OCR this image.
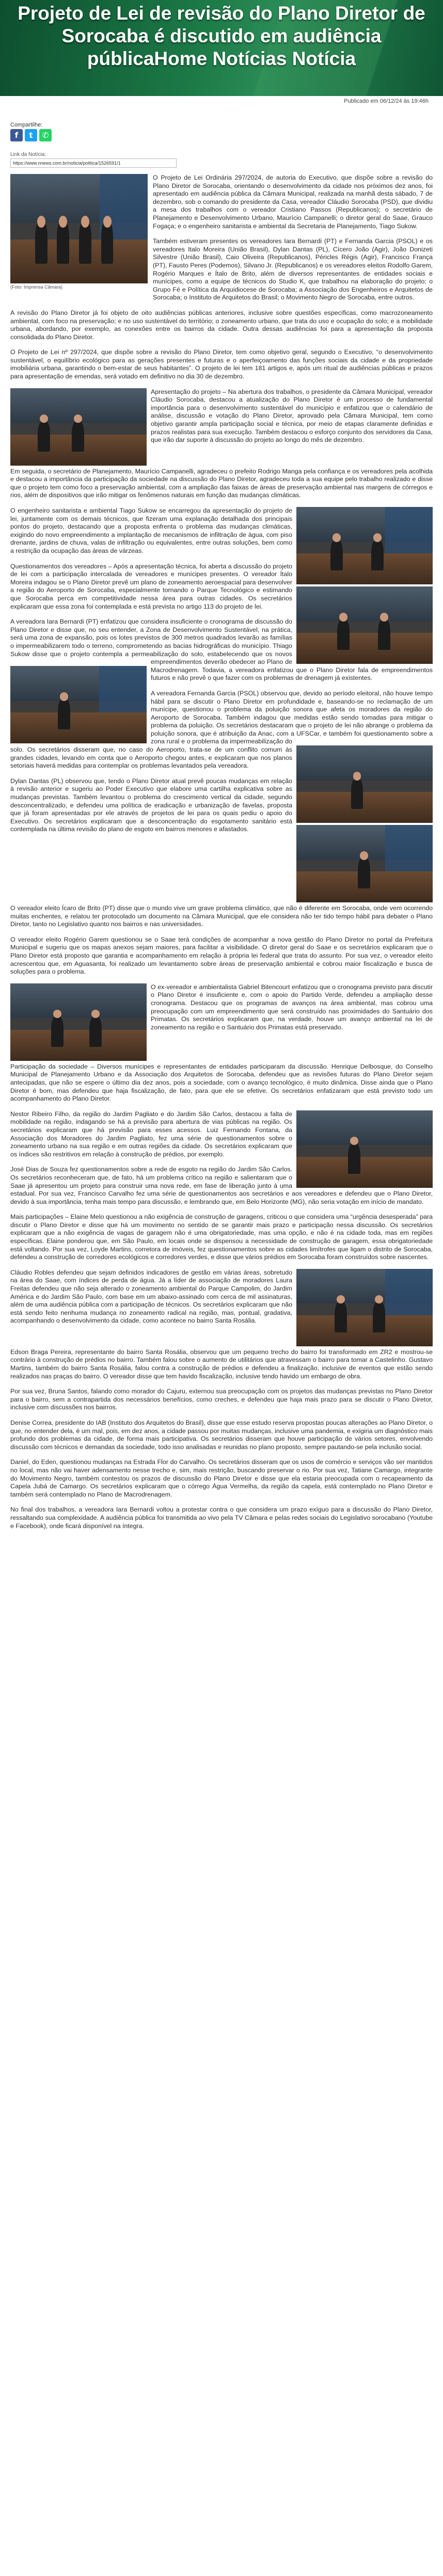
Projeto de Lei de revisão do Plano Diretor de Sorocaba é discutido em audiência públicaHome Notícias Notícia
Publicado em 06/12/24 às 19:46h
Compartilhe:
f	t	✆
Link da Notícia:
https://www.nnews.com.br/noticia/politica/1526591/1
(Foto: Imprensa Câmara)

O Projeto de Lei Ordinária 297/2024, de autoria do Executivo, que dispõe sobre a revisão do Plano Diretor de Sorocaba, orientando o desenvolvimento da cidade nos próximos dez anos, foi apresentado em audiência pública da Câmara Municipal, realizada na manhã desta sábado, 7 de dezembro, sob o comando do presidente da Casa, vereador Cláudio Sorocaba (PSD), que dividiu a mesa dos trabalhos com o vereador Cristiano Passos (Republicanos); o secretário de Planejamento e Desenvolvimento Urbano, Maurício Campanelli; o diretor geral do Saae, Grauco Fogaça; e o engenheiro sanitarista e ambiental da Secretaria de Planejamento, Tiago Sukow.

Também estiveram presentes os vereadores Iara Bernardi (PT) e Fernanda Garcia (PSOL) e os vereadores Italo Moreira (União Brasil), Dylan Dantas (PL), Cícero João (Agir), João Donizeti Silvestre (União Brasil), Caio Oliveira (Republicanos), Péricles Régis (Agir), Francisco França (PT), Fausto Peres (Podemos), Silvano Jr. (Republicanos) e os vereadores eleitos Rodolfo Garem, Rogério Marques e Ítalo de Brito, além de diversos representantes de entidades sociais e munícipes, como a equipe de técnicos do Studio K, que trabalhou na elaboração do projeto; o Grupo Fé e Política da Arquidiocese de Sorocaba; a Associação dos Engenheiros e Arquitetos de Sorocaba; o Instituto de Arquitetos do Brasil; o Movimento Negro de Sorocaba, entre outros.

A revisão do Plano Diretor já foi objeto de oito audiências públicas anteriores, inclusive sobre questões específicas, como macrozoneamento ambiental, com foco na preservação; e no uso sustentável do território; o zoneamento urbano, que trata do uso e ocupação do solo; e a mobilidade urbana, abordando, por exemplo, as conexões entre os bairros da cidade. Outra dessas audiências foi para a apresentação da proposta consolidada do Plano Diretor.

O Projeto de Lei nº 297/2024, que dispõe sobre a revisão do Plano Diretor, tem como objetivo geral, segundo o Executivo, “o desenvolvimento sustentável, o equilíbrio ecológico para as gerações presentes e futuras e o aperfeiçoamento das funções sociais da cidade e da propriedade imobiliária urbana, garantindo o bem-estar de seus habitantes”. O projeto de lei tem 181 artigos e, após um ritual de audiências públicas e prazos para apresentação de emendas, será votado em definitivo no dia 30 de dezembro.

Apresentação do projeto – Na abertura dos trabalhos, o presidente da Câmara Municipal, vereador Cláudio Sorocaba, destacou a atualização do Plano Diretor é um processo de fundamental importância para o desenvolvimento sustentável do município e enfatizou que o calendário de análise, discussão e votação do Plano Diretor, aprovado pela Câmara Municipal, tem como objetivo garantir ampla participação social e técnica, por meio de etapas claramente definidas e prazos realistas para sua execução. Também destacou o esforço conjunto dos servidores da Casa, que irão dar suporte à discussão do projeto ao longo do mês de dezembro.

Em seguida, o secretário de Planejamento, Maurício Campanelli, agradeceu o prefeito Rodrigo Manga pela confiança e os vereadores pela acolhida e destacou a importância da participação da sociedade na discussão do Plano Diretor, agradeceu toda a sua equipe pelo trabalho realizado e disse que o projeto tem como foco a preservação ambiental, com a ampliação das faixas de áreas de preservação ambiental nas margens de córregos e rios, além de dispositivos que irão mitigar os fenômenos naturais em função das mudanças climáticas.

O engenheiro sanitarista e ambiental Tiago Sukow se encarregou da apresentação do projeto de lei, juntamente com os demais técnicos, que fizeram uma explanação detalhada dos principais pontos do projeto, destacando que a proposta enfrenta o problema das mudanças climáticas, exigindo do novo empreendimento a implantação de mecanismos de infiltração de água, com piso drenante, jardins de chuva, valas de infiltração ou equivalentes, entre outras soluções, bem como a restrição da ocupação das áreas de várzeas.

Questionamentos dos vereadores – Após a apresentação técnica, foi aberta a discussão do projeto de lei com a participação intercalada de vereadores e munícipes presentes. O vereador Ítalo Moreira indagou se o Plano Diretor prevê um plano de zoneamento aeroespacial para desenvolver a região do Aeroporto de Sorocaba, especialmente tornando o Parque Tecnológico e estimando que Sorocaba perca em competitividade nessa área para outras cidades. Os secretários explicaram que essa zona foi contemplada e está prevista no artigo 113 do projeto de lei.

A vereadora Iara Bernardi (PT) enfatizou que considera insuficiente o cronograma de discussão do Plano Diretor e disse que, no seu entender, a Zona de Desenvolvimento Sustentável, na prática, será uma zona de expansão, pois os lotes previstos de 300 metros quadrados levarão as famílias o impermeabilizarem todo o terreno, comprometendo as bacias hidrográficas do município. Thiago Sukow disse que o projeto contempla a permeabilização do solo, estabelecendo que os novos empreendimentos deverão obedecer ao Plano de Macrodrenagem. Todavia, a vereadora enfatizou que o Plano Diretor fala de empreendimentos futuros e não prevê o que fazer com os problemas de drenagem já existentes.

A vereadora Fernanda Garcia (PSOL) observou que, devido ao período eleitoral, não houve tempo hábil para se discutir o Plano Diretor em profundidade e, baseando-se no reclamação de um munícipe, questionou o problema da poluição sonora que afeta os moradores da região do Aeroporto de Sorocaba. Também indagou que medidas estão sendo tomadas para mitigar o problema da poluição. Os secretários destacaram que o projeto de lei não abrange o problema da poluição sonora, que é atribuição da Anac, com a UFSCar, e também foi questionamento sobre a zona rural e o problema da impermeabilização do solo. Os secretários disseram que, no caso do Aeroporto, trata-se de um conflito comum às grandes cidades, levando em conta que o Aeroporto chegou antes, e explicaram que nos planos setoriais haverá medidas para contemplar os problemas levantados pela vereadora.

Dylan Dantas (PL) observou que, tendo o Plano Diretor atual prevê poucas mudanças em relação à revisão anterior e sugeriu ao Poder Executivo que elabore uma cartilha explicativa sobre as mudanças previstas. Também levantou o problema do crescimento vertical da cidade, segundo desconcentralizado, e defendeu uma política de eradicação e urbanização de favelas, proposta que já foram apresentadas por ele através de projetos de lei para os quais pediu o apoio do Executivo. Os secretários explicaram que a desconcentração do esgotamento sanitário está contemplada na última revisão do plano de esgoto em bairros menores e afastados.

O vereador eleito Ícaro de Brito (PT) disse que o mundo vive um grave problema climático, que não é diferente em Sorocaba, onde vem ocorrendo muitas enchentes, e relatou ter protocolado um documento na Câmara Municipal, que ele considera não ter tido tempo hábil para debater o Plano Diretor, tanto no Legislativo quanto nos bairros e nas universidades.

O vereador eleito Rogério Garem questionou se o Saae terá condições de acompanhar a nova gestão do Plano Diretor no portal da Prefeitura Municipal e sugeriu que os mapas anexos sejam maiores, para facilitar a visibilidade. O diretor geral do Saae e os secretários explicaram que o Plano Diretor está proposto que garantia e acompanhamento em relação à própria lei federal que trata do assunto. Por sua vez, o vereador eleito acrescentou que, em Aguasanta, foi realizado um levantamento sobre áreas de preservação ambiental e cobrou maior fiscalização e busca de soluções para o problema.

O ex-vereador e ambientalista Gabriel Bitencourt enfatizou que o cronograma previsto para discutir o Plano Diretor é insuficiente e, com o apoio do Partido Verde, defendeu a ampliação desse cronograma. Destacou que os programas de avanços na área ambiental, mas cobrou uma preocupação com um empreendimento que será construído nas proximidades do Santuário dos Primatas. Os secretários explicaram que, na verdade, houve um avanço ambiental na lei de zoneamento na região e o Santuário dos Primatas está preservado.

Participação da sociedade – Diversos munícipes e representantes de entidades participaram da discussão. Henrique Delbosque, do Conselho Municipal de Planejamento Urbano e da Associação dos Arquitetos de Sorocaba, defendeu que as revisões futuras do Plano Diretor sejam antecipadas, que não se espere o último dia dez anos, pois a sociedade, com o avanço tecnológico, é muito dinâmica. Disse ainda que o Plano Diretor é bom, mas defendeu que haja fiscalização, de fato, para que ele se efetive. Os secretários enfatizaram que está previsto todo um acompanhamento do Plano Diretor.

Nestor Ribeiro Filho, da região do Jardim Pagliato e do Jardim São Carlos, destacou a falta de mobilidade na região, indagando se há a previsão para abertura de vias públicas na região. Os secretários explicaram que há previsão para esses acessos. Luiz Fernando Fontana, da Associação dos Moradores do Jardim Pagliato, fez uma série de questionamentos sobre o zoneamento urbano na sua região e em outras regiões da cidade. Os secretários explicaram que os índices são restritivos em relação à construção de prédios, por exemplo.

José Dias de Souza fez questionamentos sobre a rede de esgoto na região do Jardim São Carlos. Os secretários reconheceram que, de fato, há um problema crítico na região e salientaram que o Saae já apresentou um projeto para construir uma nova rede, em fase de liberação junto à uma estadual. Por sua vez, Francisco Carvalho fez uma série de questionamentos aos secretários e aos vereadores e defendeu que o Plano Diretor, devido à sua importância, tenha mais tempo para discussão, e lembrando que, em Belo Horizonte (MG), não seria votação em início de mandato.

Mais participações – Elaine Melo questionou a não exigência de construção de garagens, criticou o que considera uma “urgência desesperada” para discutir o Plano Diretor e disse que há um movimento no sentido de se garantir mais prazo e participação nessa discussão. Os secretários explicaram que a não exigência de vagas de garagem não é uma obrigatoriedade, mas uma opção, e não é na cidade toda, mas em regiões específicas. Elaine ponderou que, em São Paulo, em locais onde se dispensou a necessidade de construção de garagem, essa obrigatoriedade está voltando. Por sua vez, Loyde Martins, corretora de imóveis, fez questionamentos sobre as cidades limítrofes que ligam o distrito de Sorocaba, defendeu a construção de corredores ecológicos e corredores verdes, e disse que vários prédios em Sorocaba foram construídos sobre nascentes.

Cláudio Robles defendeu que sejam definidos indicadores de gestão em várias áreas, sobretudo na área do Saae, com índices de perda de água. Já a líder de associação de moradores Laura Freitas defendeu que não seja alterado o zoneamento ambiental do Parque Campolim, do Jardim América e do Jardim São Paulo, com base em um abaixo-assinado com cerca de mil assinaturas, além de uma audiência pública com a participação de técnicos. Os secretários explicaram que não está sendo feito nenhuma mudança no zoneamento radical na região, mas, pontual, gradativa, acompanhando o desenvolvimento da cidade, como acontece no bairro Santa Rosália.

Edson Braga Pereira, representante do bairro Santa Rosália, observou que um pequeno trecho do bairro foi transformado em ZR2 e mostrou-se contrário à construção de prédios no bairro. Também falou sobre o aumento de utilitários que atravessam o bairro para tomar a Castelinho. Gustavo Martins, também do bairro Santa Rosália, falou contra a construção de prédios e defendeu a finalização, inclusive de eventos que estão sendo realizados nas praças do bairro. O vereador disse que tem havido fiscalização, inclusive tendo havido um embargo de obra.

Por sua vez, Bruna Santos, falando como morador do Cajuru, externou sua preocupação com os projetos das mudanças previstas no Plano Diretor para o bairro, sem a contrapartida dos necessários benefícios, como creches, e defendeu que haja mais prazo para se discutir o Plano Diretor, inclusive com discussões nos bairros.

Denise Correa, presidente do IAB (Instituto dos Arquitetos do Brasil), disse que esse estudo reserva propostas poucas alterações ao Plano Diretor, o que, no entender dela, é um mal, pois, em dez anos, a cidade passou por muitas mudanças, inclusive uma pandemia, e exigiria um diagnóstico mais profundo dos problemas da cidade, de forma mais participativa. Os secretários disseram que houve participação de vários setores, envolvendo discussão com técnicos e demandas da sociedade, todo isso analisadas e reunidas no plano proposto, sempre pautando-se pela inclusão social.

Daniel, do Eden, questionou mudanças na Estrada Flor do Carvalho. Os secretários disseram que os usos de comércio e serviços vão ser mantidos no local, mas não vai haver adensamento nesse trecho e, sim, mais restrição, buscando preservar o rio. Por sua vez, Tatiane Camargo, integrante do Movimento Negro, também contestou os prazos de discussão do Plano Diretor e disse que ela estaria preocupada com o recapeamento da Capela Jubá de Camargo. Os secretários explicaram que o córrego Água Vermelha, da região da capela, está contemplado no Plano Diretor e também será contemplado no Plano de Macrodrenagem.

No final dos trabalhos, a vereadora Iara Bernardi voltou a protestar contra o que considera um prazo exíguo para a discussão do Plano Diretor, ressaltando sua complexidade. A audiência pública foi transmitida ao vivo pela TV Câmara e pelas redes sociais do Legislativo sorocabano (Youtube e Facebook), onde ficará disponível na íntegra.
